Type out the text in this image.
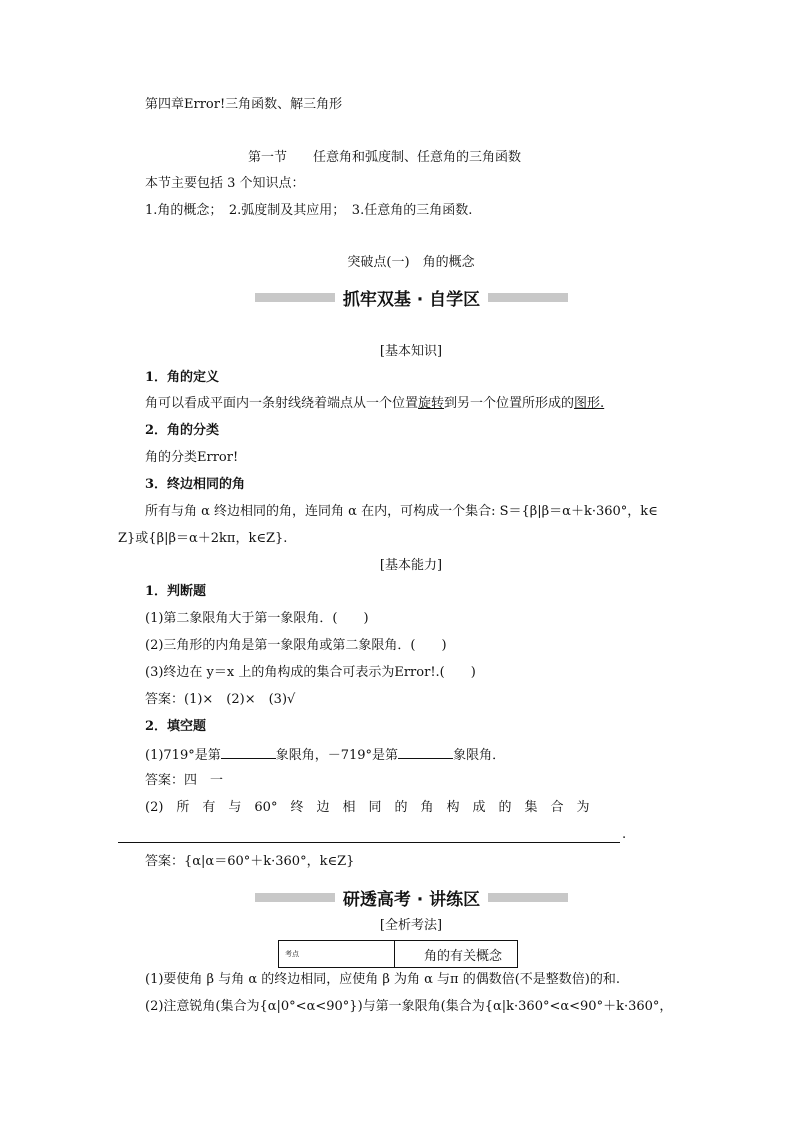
第四章Error!三角函数、解三角形
第一节　　任意角和弧度制、任意角的三角函数
本节主要包括 3 个知识点：
1.角的概念；　2.弧度制及其应用；　3.任意角的三角函数.
突破点(一)　角的概念
抓牢双基 · 自学区
[基本知识]
1．角的定义
角可以看成平面内一条射线绕着端点从一个位置旋转到另一个位置所形成的图形.
2．角的分类
角的分类Error!
3．终边相同的角
所有与角 α 终边相同的角，连同角 α 在内，可构成一个集合: S＝{β|β＝α＋k·360°，k∈
Z}或{β|β＝α＋2kπ，k∈Z}.
[基本能力]
1．判断题
(1)第二象限角大于第一象限角．(　　)
(2)三角形的内角是第一象限角或第二象限角．(　　)
(3)终边在 y＝x 上的角构成的集合可表示为Error!.(　　)
答案：(1)×　(2)×　(3)√
2．填空题
(1)719°是第	象限角，－719°是第	象限角．
答案：四　一
(2)　所　有　与　60°　终　边　相　同　的　角　构　成　的　集　合　为
.
答案：{α|α＝60°＋k·360°，k∈Z}
研透高考 · 讲练区
[全析考法]
考点	角的有关概念
(1)要使角 β 与角 α 的终边相同，应使角 β 为角 α 与π 的偶数倍(不是整数倍)的和.
(2)注意锐角(集合为{α|0°<α<90°})与第一象限角(集合为{α|k·360°<α<90°＋k·360°，
